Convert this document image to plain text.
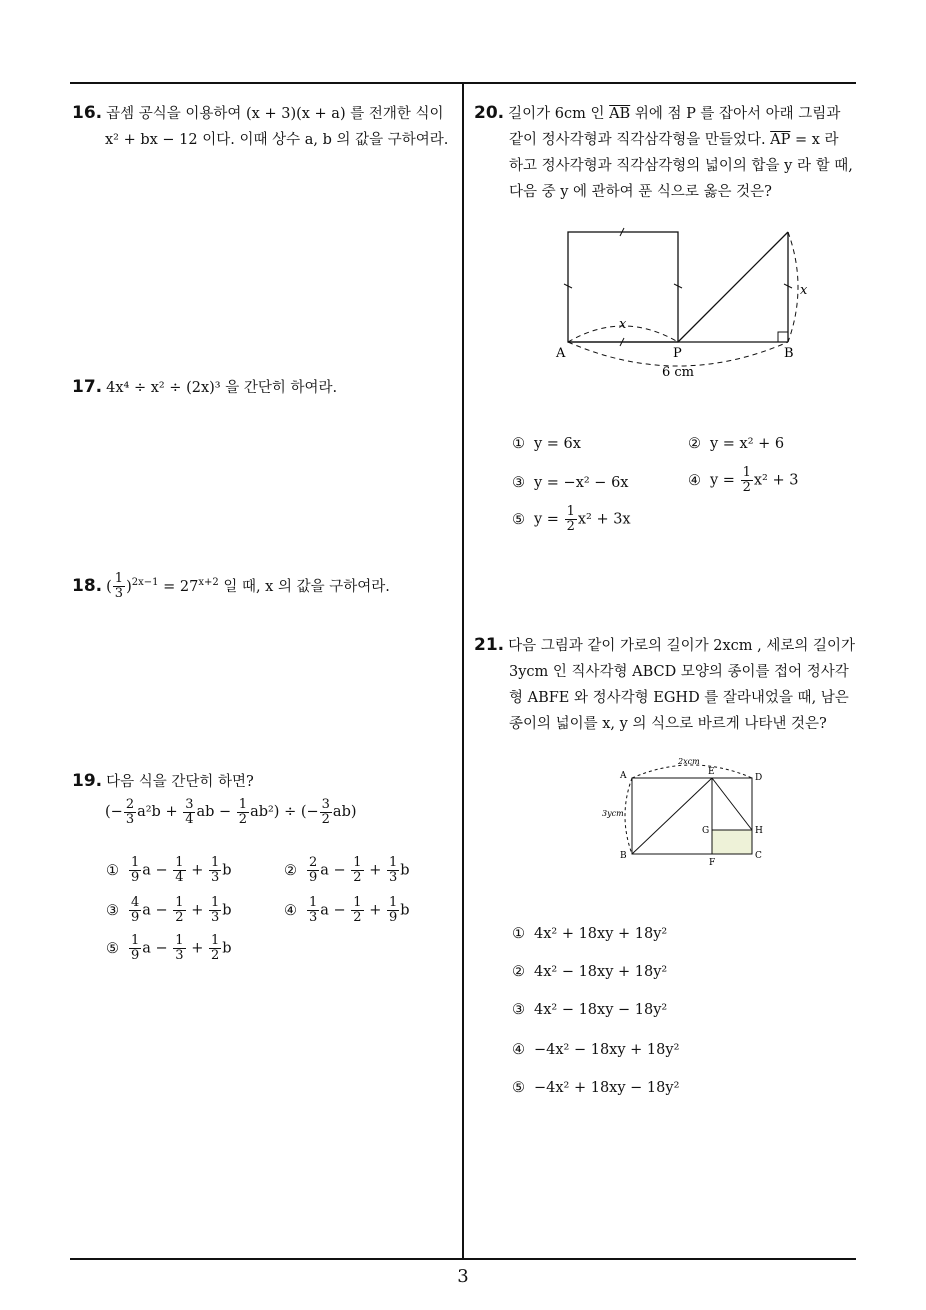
3
16. 곱셈 공식을 이용하여 (x + 3)(x + a) 를 전개한 식이
x² + bx − 12 이다. 이때 상수 a, b 의 값을 구하여라.
17. 4x⁴ ÷ x² ÷ (2x)³ 을 간단히 하여라.
18. ( $\frac{1}{3} )^{2x-1} = 27^{x+2}$ 일 때, x 의 값을 구하여라.
19. 다음 식을 간단히 하면?
(− $\frac{2}{3} a^2b + \frac{3}{4}$ ab − $\frac{1}{2} ab^2$) ÷ (− $\frac{3}{2} ab$)
① $\frac{1}{9}$ $a - \frac{1}{4} + \frac{1}{3}$ b	② $\frac{2}{9}$ $a - \frac{1}{2} + \frac{1}{3}$ b
③ $\frac{4}{9}$ $a - \frac{1}{2} + \frac{1}{3}$ b	④ $\frac{1}{3}$ $a - \frac{1}{2} + \frac{1}{9}$ b
⑤ $\frac{1}{9}$ $a - \frac{1}{3} + \frac{1}{2}$ b
20. 길이가 6cm 인 $\overline{AB}$ 위에 점 P 를 잡아서 아래 그림과
같이 정사각형과 직각삼각형을 만들었다. $\overline{AP} = x$ 라
하고 정사각형과 직각삼각형의 넓이의 합을 y 라 할 때,
다음 중 y 에 관하여 푼 식으로 옳은 것은?
x
x
A	P	B
6 cm
① y = 6x	② y = x² + 6
③ y = −x² − 6x	④ $y = \frac{1}{2} x^2 + 3$
⑤ $y = \frac{1}{2} x^2 + 3x$
21. 다음 그림과 같이 가로의 길이가 2xcm , 세로의 길이가
3ycm 인 직사각형 ABCD 모양의 종이를 접어 정사각
형 ABFE 와 정사각형 EGHD 를 잘라내었을 때, 남은
종이의 넓이를 x, y 의 식으로 바르게 나타낸 것은?
2xcm
3ycm
A	E
D
G	H
B
F
C
① 4x² + 18xy + 18y²
② 4x² − 18xy + 18y²
③ 4x² − 18xy − 18y²
④ −4x² − 18xy + 18y²
⑤ −4x² + 18xy − 18y²
